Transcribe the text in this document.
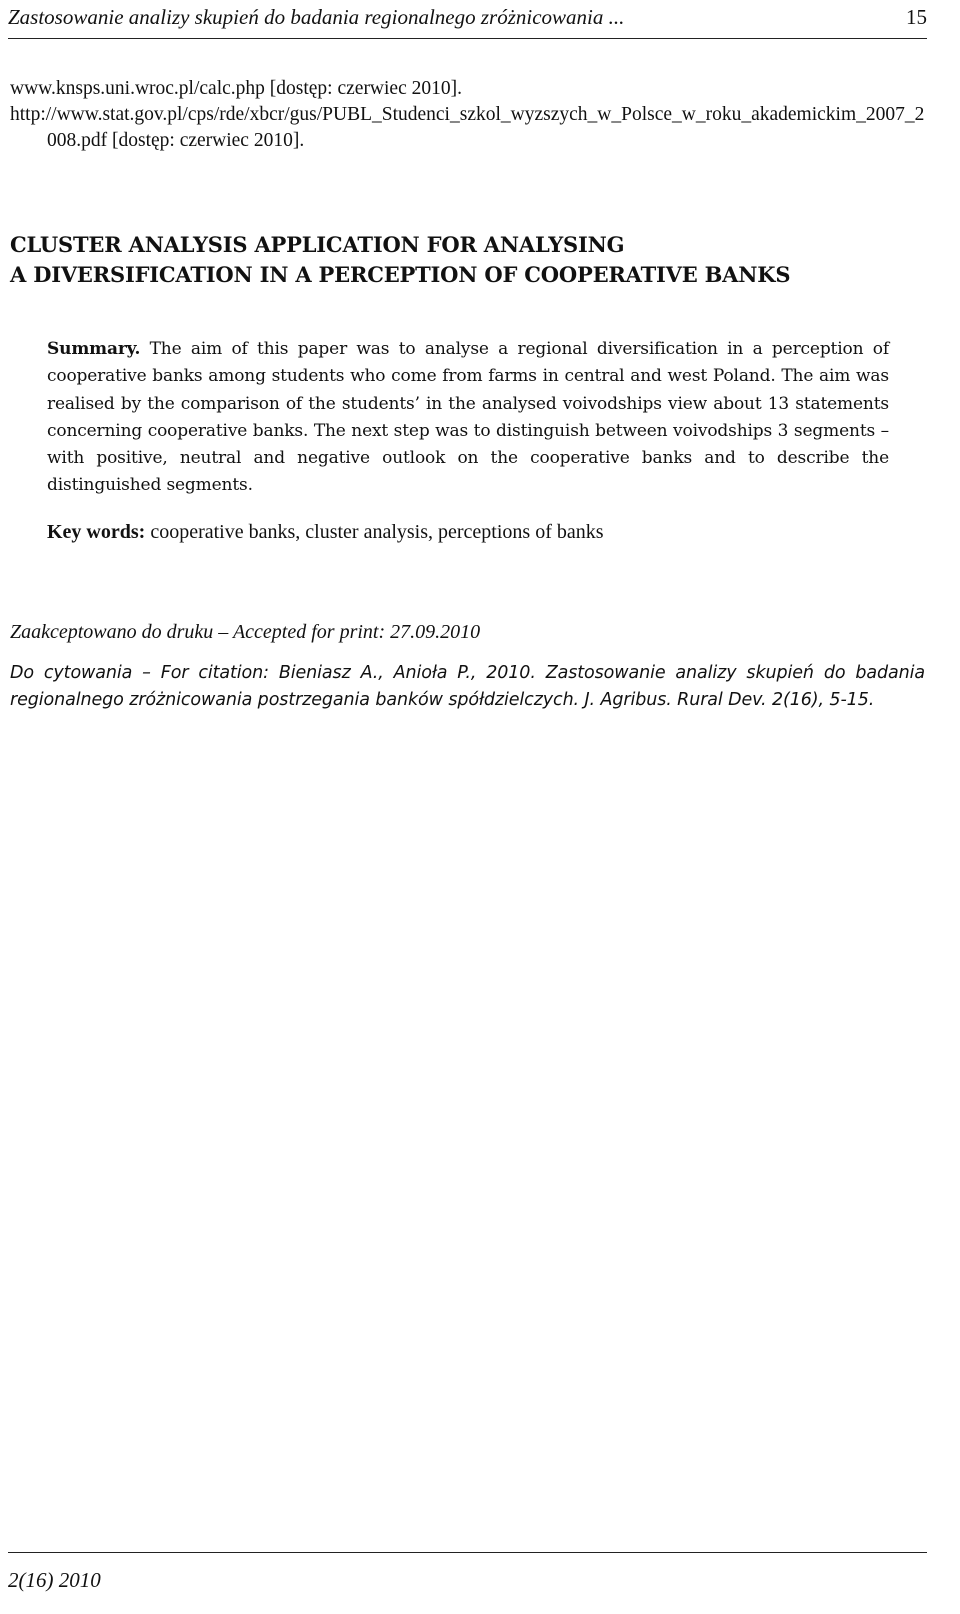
Zastosowanie analizy skupień do badania regionalnego zróżnicowania ...	15
www.knsps.uni.wroc.pl/calc.php [dostęp: czerwiec 2010].
http://www.stat.gov.pl/cps/rde/xbcr/gus/PUBL_Studenci_szkol_wyzszych_w_Polsce_w_roku_akademickim_2007_2008.pdf [dostęp: czerwiec 2010].
CLUSTER ANALYSIS APPLICATION FOR ANALYSING
A DIVERSIFICATION IN A PERCEPTION OF COOPERATIVE BANKS
Summary. The aim of this paper was to analyse a regional diversification in a perception of cooperative banks among students who come from farms in central and west Poland. The aim was realised by the comparison of the students’ in the analysed voivodships view about 13 statements concerning cooperative banks. The next step was to distinguish between voivodships 3 segments – with positive, neutral and negative outlook on the cooperative banks and to describe the distinguished segments.
Key words: cooperative banks, cluster analysis, perceptions of banks
Zaakceptowano do druku – Accepted for print: 27.09.2010
Do cytowania – For citation: Bieniasz A., Anioła P., 2010. Zastosowanie analizy skupień do badania regionalnego zróżnicowania postrzegania banków spółdzielczych. J. Agribus. Rural Dev. 2(16), 5-15.
2(16) 2010
